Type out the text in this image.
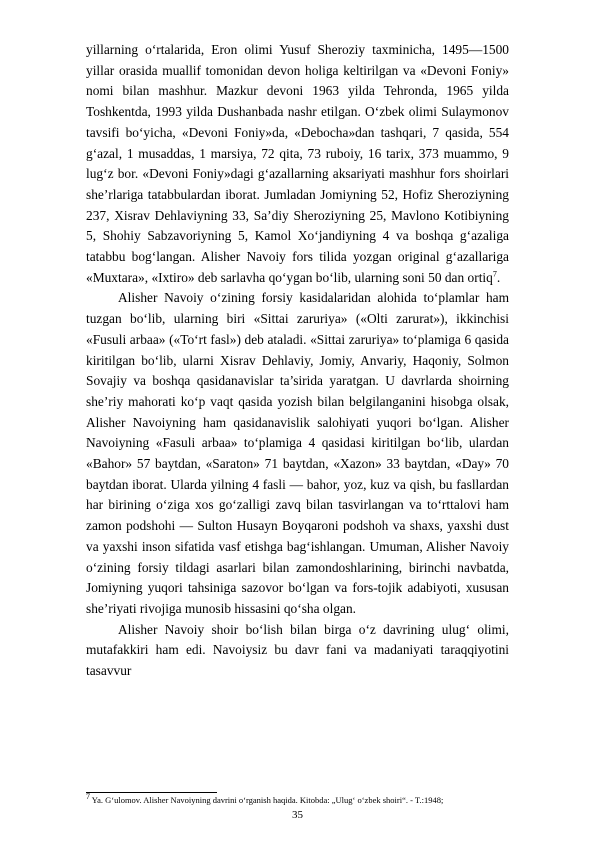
yillarning o‘rtalarida, Eron olimi Yusuf Sheroziy taxminicha, 1495—1500 yillar orasida muallif tomonidan devon holiga keltirilgan va «Devoni Foniy» nomi bilan mashhur. Mazkur devoni 1963 yilda Tehronda, 1965 yilda Toshkentda, 1993 yilda Dushanbada nashr etilgan. O‘zbek olimi Sulaymonov tavsifi bo‘yicha, «Devoni Foniy»da, «Debocha»dan tashqari, 7 qasida, 554 g‘azal, 1 musaddas, 1 marsiya, 72 qita, 73 ruboiy, 16 tarix, 373 muammo, 9 lug‘z bor. «Devoni Foniy»dagi g‘azallarning aksariyati mashhur fors shoirlari she’rlariga tatabbulardan iborat. Jumladan Jomiyning 52, Hofiz Sheroziyning 237, Xisrav Dehlaviyning 33, Sa’diy Sheroziyning 25, Mavlono Kotibiyning 5, Shohiy Sabzavoriyning 5, Kamol Xo‘jandiyning 4 va boshqa g‘azaliga tatabbu bog‘langan. Alisher Navoiy fors tilida yozgan original g‘azallariga «Muxtara», «Ixtiro» deb sarlavha qo‘ygan bo‘lib, ularning soni 50 dan ortiq$^7$.

Alisher Navoiy o‘zining forsiy kasidalaridan alohida to‘plamlar ham tuzgan bo‘lib, ularning biri «Sittai zaruriya» («Olti zarurat»), ikkinchisi «Fusuli arbaa» («To‘rt fasl») deb ataladi. «Sittai zaruriya» to‘plamiga 6 qasida kiritilgan bo‘lib, ularni Xisrav Dehlaviy, Jomiy, Anvariy, Haqoniy, Solmon Sovajiy va boshqa qasidanavislar ta’sirida yaratgan. U davrlarda shoirning she’riy mahorati ko‘p vaqt qasida yozish bilan belgilanganini hisobga olsak, Alisher Navoiyning ham qasidanavislik salohiyati yuqori bo‘lgan. Alisher Navoiyning «Fasuli arbaa» to‘plamiga 4 qasidasi kiritilgan bo‘lib, ulardan «Bahor» 57 baytdan, «Saraton» 71 baytdan, «Xazon» 33 baytdan, «Day» 70 baytdan iborat. Ularda yilning 4 fasli — bahor, yoz, kuz va qish, bu fasllardan har birining o‘ziga xos go‘zalligi zavq bilan tasvirlangan va to‘rttalovi ham zamon podshohi — Sulton Husayn Boyqaroni podshoh va shaxs, yaxshi dust va yaxshi inson sifatida vasf etishga bag‘ishlangan. Umuman, Alisher Navoiy o‘zining forsiy tildagi asarlari bilan zamondoshlarining, birinchi navbatda, Jomiyning yuqori tahsiniga sazovor bo‘lgan va fors-tojik adabiyoti, xususan she’riyati rivojiga munosib hissasini qo‘sha olgan.

Alisher Navoiy shoir bo‘lish bilan birga o‘z davrining ulug‘ olimi, mutafakkiri ham edi. Navoiysiz bu davr fani va madaniyati taraqqiyotini tasavvur

$^7$ Ya. G‘ulomov. Alisher Navoiyning davrini o‘rganish haqida. Kitobda: „Ulug‘ o‘zbek shoiri“. - T.:1948;
35
